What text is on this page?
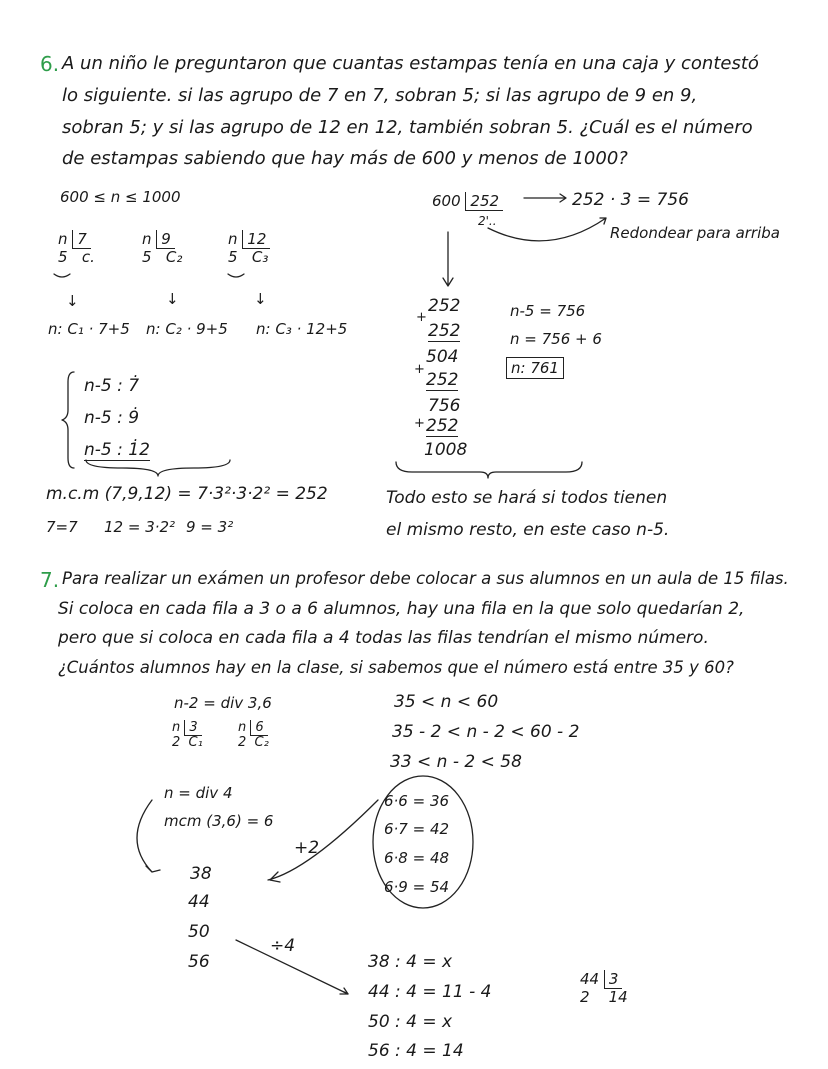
6. A un niño le preguntaron que cuantas estampas tenía en una caja y contestó
lo siguiente. si las agrupo de 7 en 7, sobran 5; si las agrupo de 9 en 9,
sobran 5; y si las agrupo de 12 en 12, también sobran 5. ¿Cuál es el número
de estampas sabiendo que hay más de 600 y menos de 1000?
600 ≤ n ≤ 1000
n 7
5 c.
n 9
5 C₂
n 12
5 C₃
↓	↓	↓
n: C₁ · 7+5 n: C₂ · 9+5 n: C₃ · 12+5
n-5 : 7̇
n-5 : 9̇
n-5 : 1̇2
m.c.m (7,9,12) = 7·3²·3·2² = 252
7=7 12 = 3·2² 9 = 3²
600 252
2'..
252 · 3 = 756
Redondear para arriba
252
252
504
252
756
252
1008
+
+
+
n-5 = 756
n = 756 + 6
n: 761
Todo esto se hará si todos tienen
el mismo resto, en este caso n-5.
7. Para realizar un exámen un profesor debe colocar a sus alumnos en un aula de 15 filas.
Si coloca en cada fila a 3 o a 6 alumnos, hay una fila en la que solo quedarían 2,
pero que si coloca en cada fila a 4 todas las filas tendrían el mismo número.
¿Cuántos alumnos hay en la clase, si sabemos que el número está entre 35 y 60?
n-2 = div 3,6
n 3
2 C₁
n 6
2 C₂
35 < n < 60
35 - 2 < n - 2 < 60 - 2
33 < n - 2 < 58
n = div 4
mcm (3,6) = 6
6·6 = 36
6·7 = 42
6·8 = 48
6·9 = 54
+2
38
44
50
56
÷4
38 : 4 = x
44 : 4 = 11 - 4
50 : 4 = x
56 : 4 = 14
44 3
2 14
